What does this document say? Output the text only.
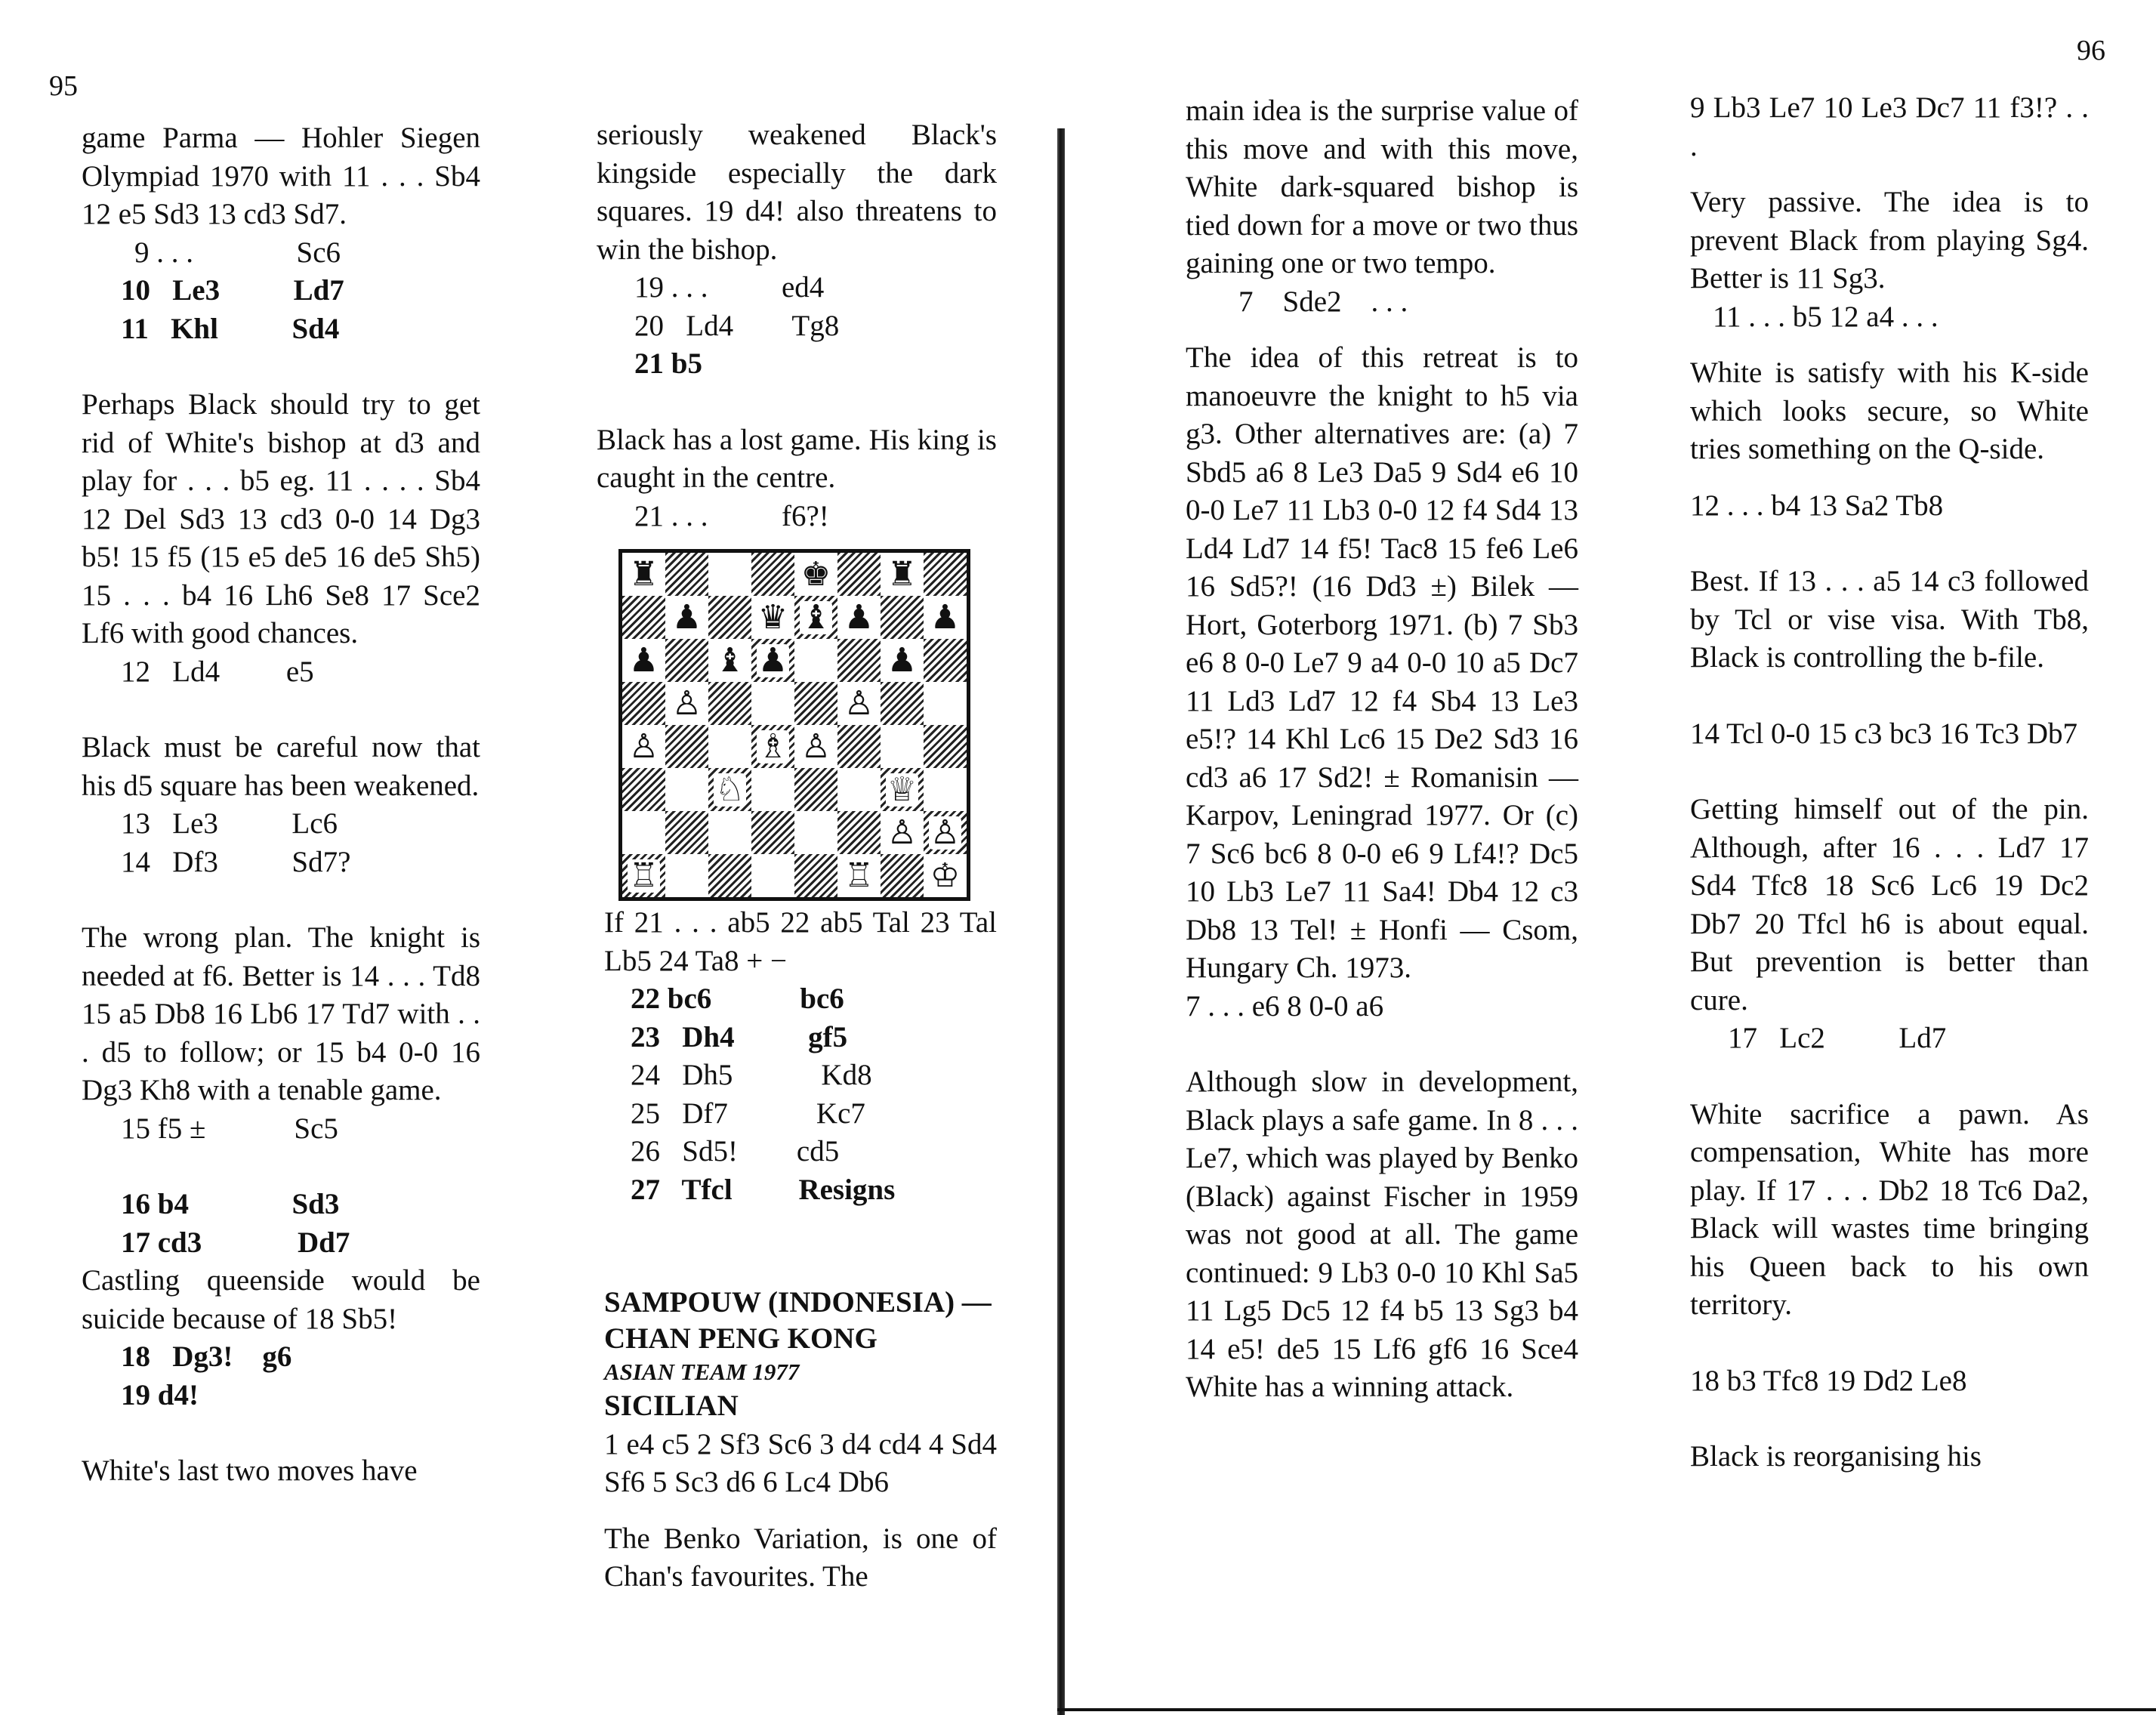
95
96

game Parma — Hohler Siegen Olympiad 1970 with 11 . . . Sb4 12 e5 Sd3 13 cd3 Sd7.

9 . . .              Sc6
10   Le3          Ld7
11   Khl          Sd4

Perhaps Black should try to get rid of White's bishop at d3 and play for . . . b5 eg. 11 . . . . Sb4 12 Del Sd3 13 cd3 0-0 14 Dg3 b5! 15 f5 (15 e5 de5 16 de5 Sh5) 15 . . . b4 16 Lh6 Se8 17 Sce2 Lf6 with good chances.

12   Ld4         e5

Black must be careful now that his d5 square has been weakened.

13   Le3          Lc6
14   Df3          Sd7?

The wrong plan. The knight is needed at f6. Better is 14 . . . Td8 15 a5 Db8 16 Lb6 17 Td7 with . . . d5 to follow; or 15 b4 0-0 16 Dg3 Kh8 with a tenable game.

15 f5 ±            Sc5
16 b4              Sd3
17 cd3             Dd7

Castling queenside would be suicide because of 18 Sb5!

18   Dg3!    g6
19 d4!

White's last two moves have

seriously weakened Black's kingside especially the dark squares. 19 d4! also threatens to win the bishop.

19 . . .          ed4
20   Ld4        Tg8
21 b5

Black has a lost game. His king is caught in the centre.

21 . . .          f6?!
♜	♚ ♜
♟ ♛ ♝ ♟ ♟
♟ ♝ ♟	♟
♙	♙
♙	♗ ♙
♘	♕
♙ ♙
♖	♖ ♔

If 21 . . . ab5 22 ab5 Tal 23 Tal Lb5 24 Ta8 + −

22 bc6            bc6
23   Dh4          gf5
24   Dh5            Kd8
25   Df7            Kc7
26   Sd5!        cd5
27   Tfcl         Resigns
SAMPOUW (INDONESIA) — CHAN PENG KONG
ASIAN TEAM 1977
SICILIAN

1 e4 c5 2 Sf3 Sc6 3 d4 cd4 4 Sd4 Sf6 5 Sc3 d6 6 Lc4 Db6

The Benko Variation, is one of Chan's favourites. The

main idea is the surprise value of this move and with this move, White dark-squared bishop is tied down for a move or two thus gaining one or two tempo.

7    Sde2    . . .

The idea of this retreat is to manoeuvre the knight to h5 via g3. Other alternatives are: (a) 7 Sbd5 a6 8 Le3 Da5 9 Sd4 e6 10 0-0 Le7 11 Lb3 0-0 12 f4 Sd4 13 Ld4 Ld7 14 f5! Tac8 15 fe6 Le6 16 Sd5?! (16 Dd3 ±) Bilek — Hort, Goterborg 1971. (b) 7 Sb3 e6 8 0-0 Le7 9 a4 0-0 10 a5 Dc7 11 Ld3 Ld7 12 f4 Sb4 13 Le3 e5!? 14 Khl Lc6 15 De2 Sd3 16 cd3 a6 17 Sd2! ± Romanisin — Karpov, Leningrad 1977. Or (c) 7 Sc6 bc6 8 0-0 e6 9 Lf4!? Dc5 10 Lb3 Le7 11 Sa4! Db4 12 c3 Db8 13 Tel! ± Honfi — Csom, Hungary Ch. 1973.

7 . . . e6 8 0-0 a6

Although slow in development, Black plays a safe game. In 8 . . . Le7, which was played by Benko (Black) against Fischer in 1959 was not good at all. The game continued: 9 Lb3 0-0 10 Khl Sa5 11 Lg5 Dc5 12 f4 b5 13 Sg3 b4 14 e5! de5 15 Lf6 gf6 16 Sce4 White has a winning attack.

9 Lb3 Le7 10 Le3 Dc7 11 f3!? . . .

Very passive. The idea is to prevent Black from playing Sg4. Better is 11 Sg3.

11 . . . b5 12 a4 . . .

White is satisfy with his K-side which looks secure, so White tries something on the Q-side.

12 . . . b4 13 Sa2 Tb8

Best. If 13 . . . a5 14 c3 followed by Tcl or vise visa. With Tb8, Black is controlling the b-file.

14 Tcl 0-0 15 c3 bc3 16 Tc3 Db7

Getting himself out of the pin. Although, after 16 . . . Ld7 17 Sd4 Tfc8 18 Sc6 Lc6 19 Dc2 Db7 20 Tfcl h6 is about equal. But prevention is better than cure.

17   Lc2          Ld7

White sacrifice a pawn. As compensation, White has more play. If 17 . . . Db2 18 Tc6 Da2, Black will wastes time bringing his Queen back to his own territory.

18 b3 Tfc8 19 Dd2 Le8

Black is reorganising his
